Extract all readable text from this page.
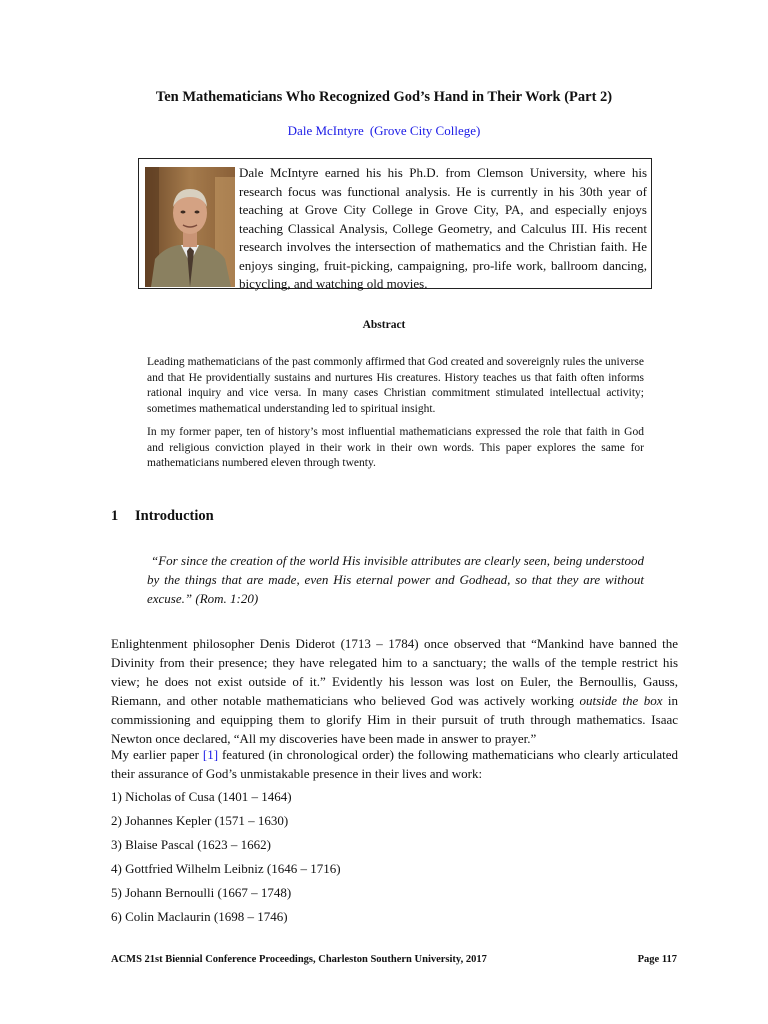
Ten Mathematicians Who Recognized God’s Hand in Their Work (Part 2)
Dale McIntyre (Grove City College)
Dale McIntyre earned his his Ph.D. from Clemson University, where his research focus was functional analysis. He is currently in his 30th year of teaching at Grove City College in Grove City, PA, and especially enjoys teaching Classical Analysis, College Geometry, and Calculus III. His recent research involves the intersection of mathematics and the Christian faith. He enjoys singing, fruit-picking, campaigning, pro-life work, ballroom dancing, bicycling, and watching old movies.
Abstract

Leading mathematicians of the past commonly affirmed that God created and sovereignly rules the universe and that He providentially sustains and nurtures His creatures. History teaches us that faith often informs rational inquiry and vice versa. In many cases Christian commitment stimulated intellectual activity; sometimes mathematical understanding led to spiritual insight.

In my former paper, ten of history’s most influential mathematicians expressed the role that faith in God and religious conviction played in their work in their own words. This paper explores the same for mathematicians numbered eleven through twenty.

1 Introduction

“For since the creation of the world His invisible attributes are clearly seen, being understood by the things that are made, even His eternal power and Godhead, so that they are without excuse.” (Rom. 1:20)

Enlightenment philosopher Denis Diderot (1713 – 1784) once observed that “Mankind have banned the Divinity from their presence; they have relegated him to a sanctuary; the walls of the temple restrict his view; he does not exist outside of it.” Evidently his lesson was lost on Euler, the Bernoullis, Gauss, Riemann, and other notable mathematicians who believed God was actively working outside the box in commissioning and equipping them to glorify Him in their pursuit of truth through mathematics. Isaac Newton once declared, “All my discoveries have been made in answer to prayer.”

My earlier paper [1] featured (in chronological order) the following mathematicians who clearly articulated their assurance of God’s unmistakable presence in their lives and work:

1) Nicholas of Cusa (1401 – 1464)

2) Johannes Kepler (1571 – 1630)

3) Blaise Pascal (1623 – 1662)

4) Gottfried Wilhelm Leibniz (1646 – 1716)

5) Johann Bernoulli (1667 – 1748)

6) Colin Maclaurin (1698 – 1746)

ACMS 21st Biennial Conference Proceedings, Charleston Southern University, 2017	Page 117
